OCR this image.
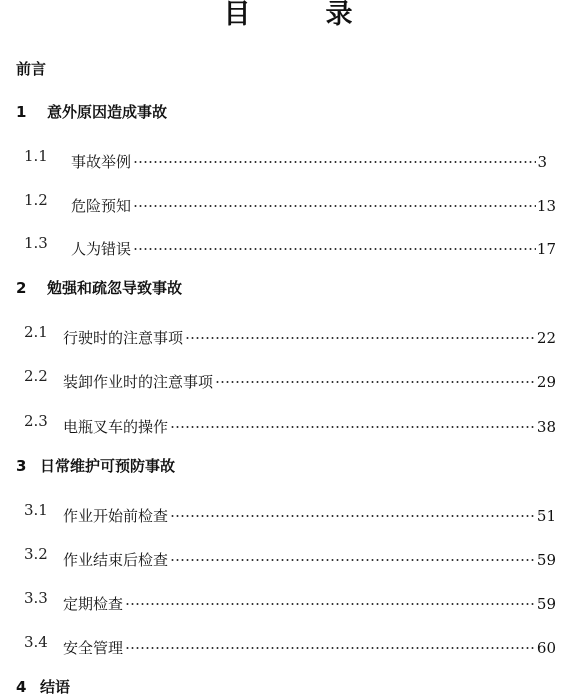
目　录
前言
1 意外原因造成事故
1.1 事故举例	3
1.2 危险预知	13
1.3 人为错误	17
2 勉强和疏忽导致事故
2.1 行驶时的注意事项	22
2.2 装卸作业时的注意事项	29
2.3 电瓶叉车的操作	38
3 日常维护可预防事故
3.1 作业开始前检查	51
3.2 作业结束后检查	59
3.3 定期检查	59
3.4 安全管理	60
4 结语
